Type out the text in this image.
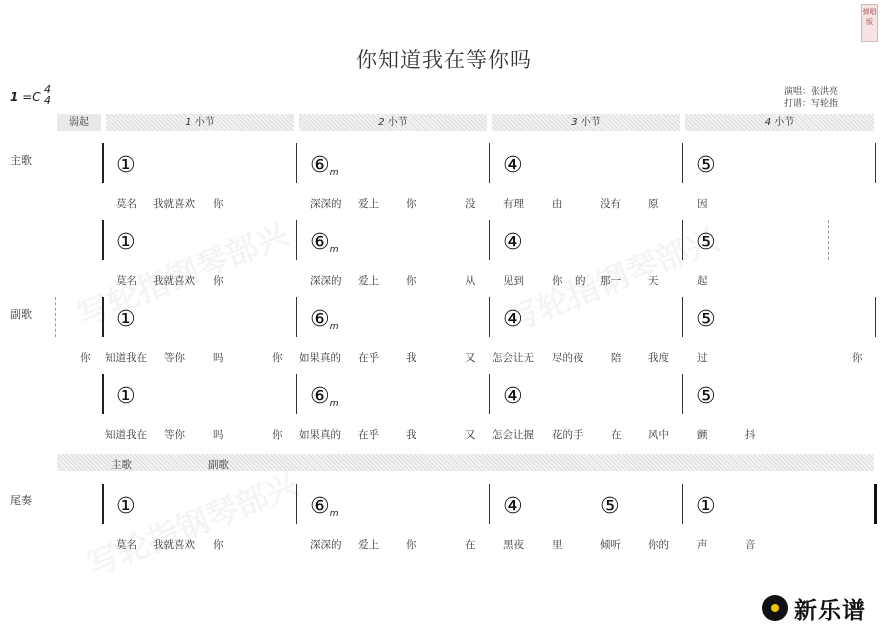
弹唱版
你知道我在等你吗
1 =C
4
4
演唱：张洪亮
打谱：写轮指
弱起	1 小节	2 小节	3 小节	4 小节
主歌
副歌
尾奏
①	$⑥_m$	④	⑤
莫名 我就喜欢 你	深深的 爱上	你	没	有理	由	没有	原	因
①	$⑥_m$	④	⑤
莫名 我就喜欢 你	深深的 爱上	你	从	见到	你 的 那一	天	起
①	$⑥_m$	④	⑤
你 知道我在 等你	吗	你 如果真的 在乎	我	又 怎会让无 尽的夜	陪	我度	过	你
①	$⑥_m$	④	⑤
知道我在 等你	吗	你 如果真的 在乎	我	又 怎会让握 花的手	在	风中	颤	抖
主歌	副歌
①	$⑥_m$	④	⑤	①
莫名 我就喜欢 你	深深的 爱上	你	在	黑夜	里	倾听	你的	声	音
新乐谱
